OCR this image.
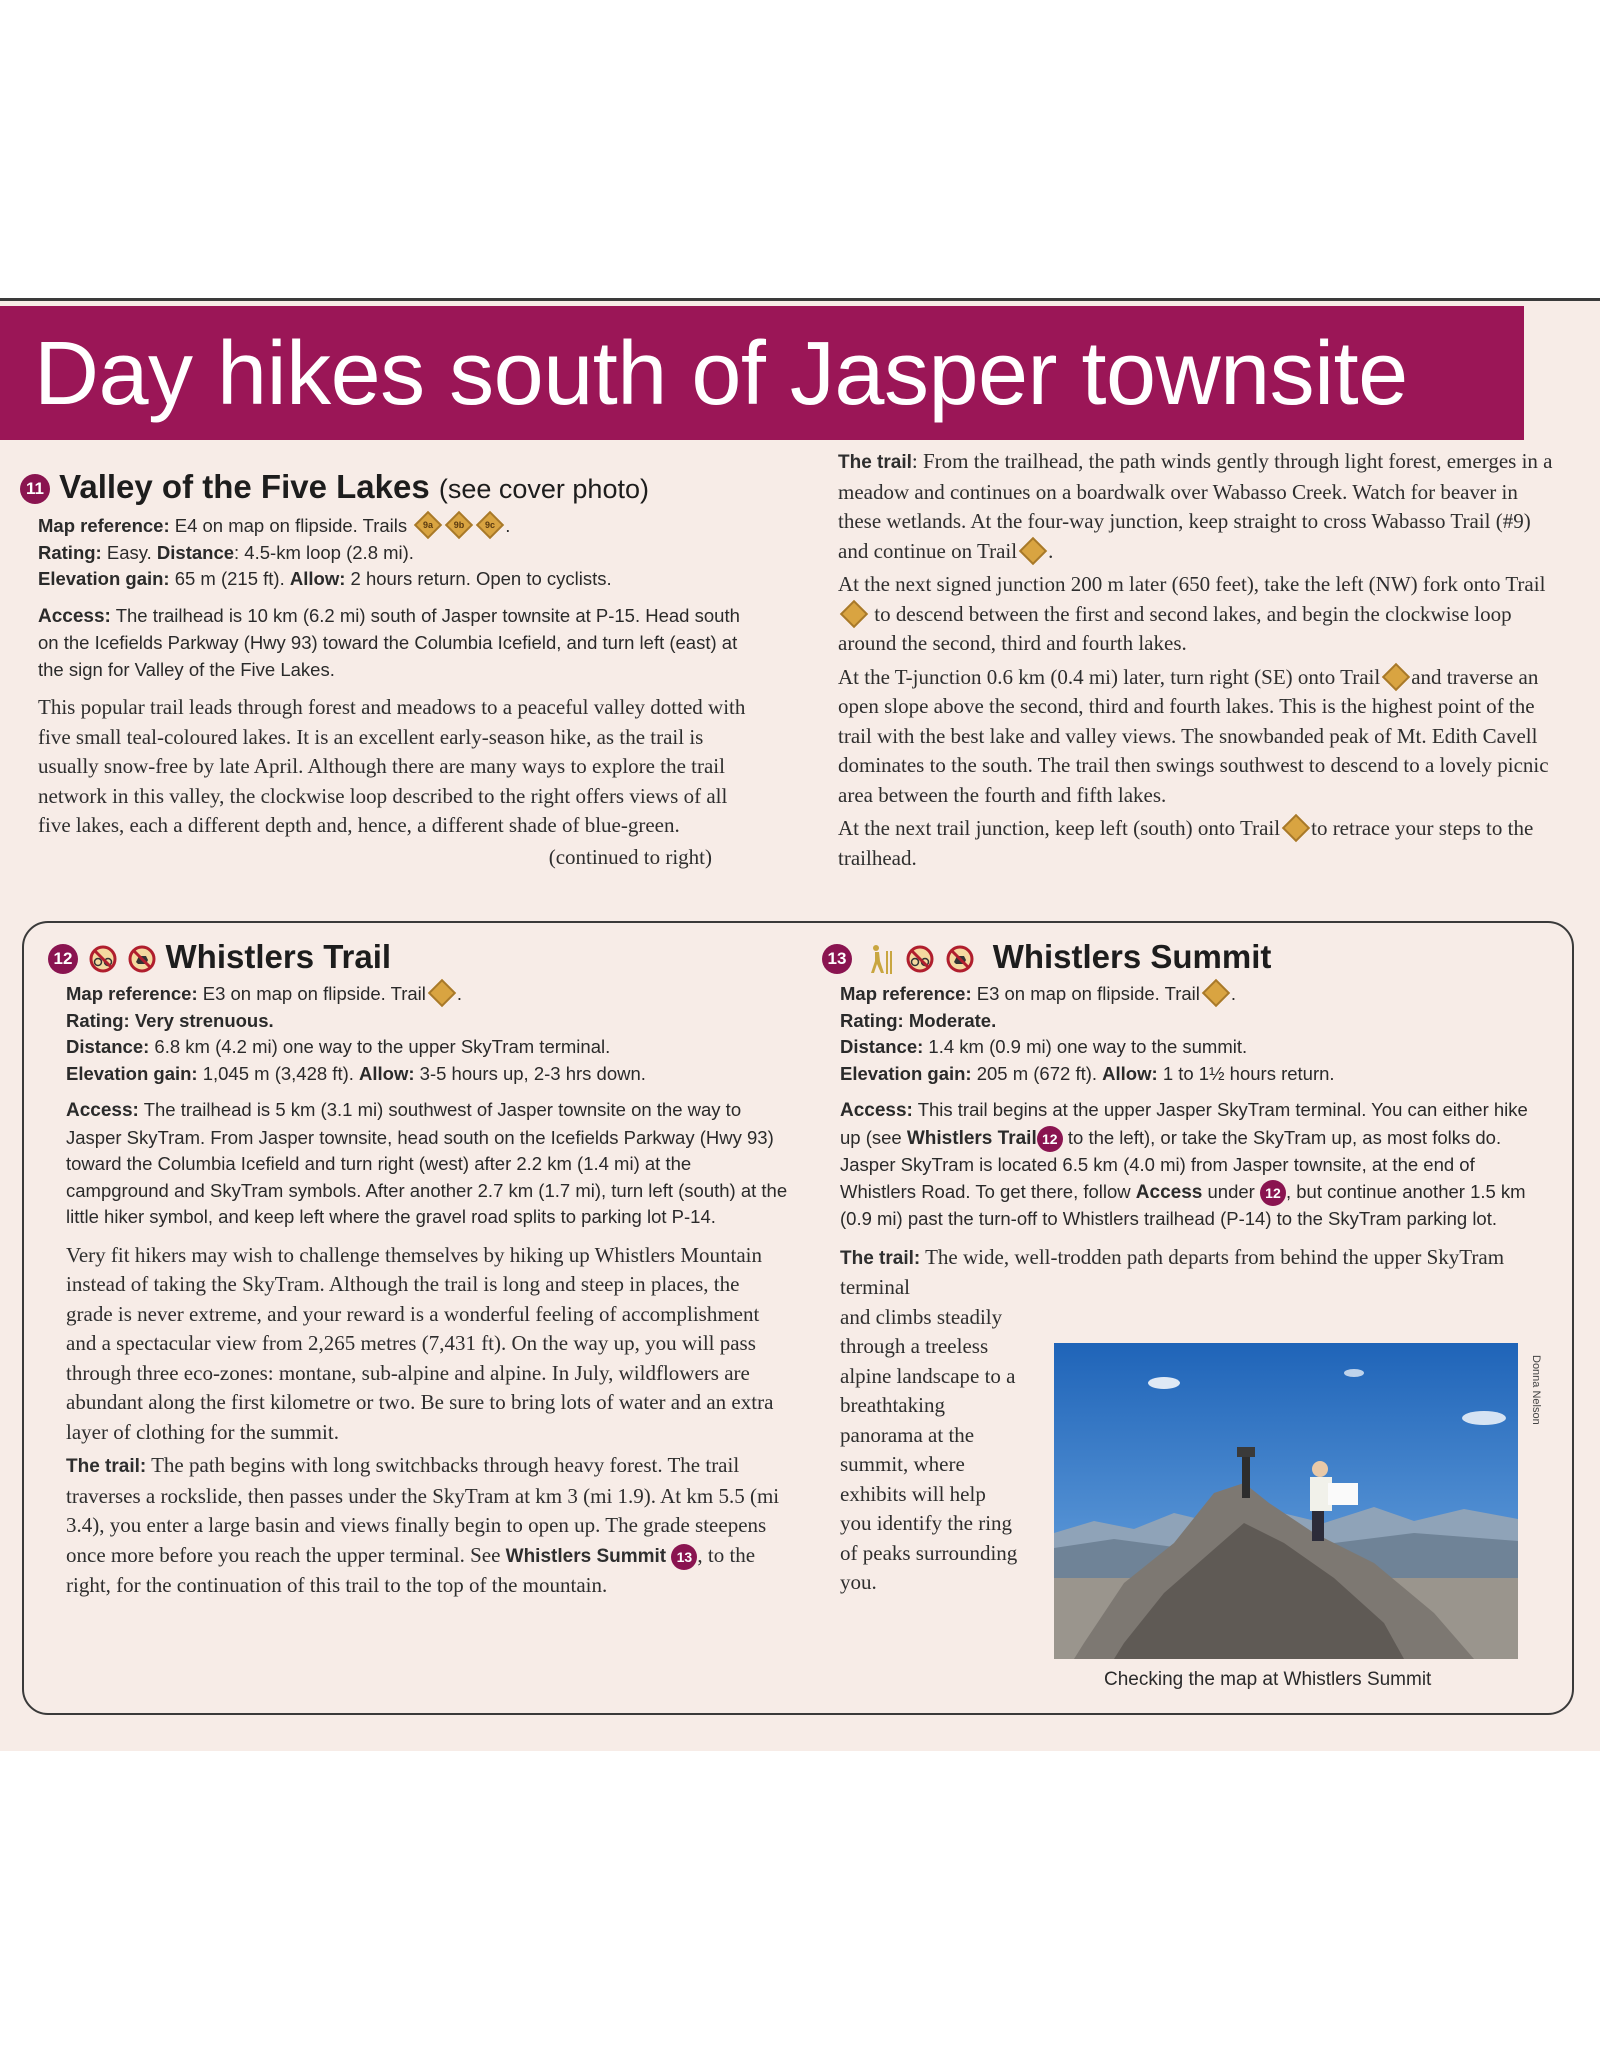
Day hikes south of Jasper townsite
11 Valley of the Five Lakes (see cover photo)
Map reference: E4 on map on flipside. Trails	9a	9b	9c .
Rating: Easy. Distance: 4.5-km loop (2.8 mi).
Elevation gain: 65 m (215 ft). Allow: 2 hours return. Open to cyclists.

Access: The trailhead is 10 km (6.2 mi) south of Jasper townsite at P-15. Head south on the Icefields Parkway (Hwy 93) toward the Columbia Icefield, and turn left (east) at the sign for Valley of the Five Lakes.

This popular trail leads through forest and meadows to a peaceful valley dotted with five small teal-coloured lakes. It is an excellent early-season hike, as the trail is usually snow-free by late April. Although there are many ways to explore the trail network in this valley, the clockwise loop described to the right offers views of all five lakes, each a different depth and, hence, a different shade of blue-green.

(continued to right)

The trail: From the trailhead, the path winds gently through light forest, emerges in a meadow and continues on a boardwalk over Wabasso Creek. Watch for beaver in these wetlands. At the four-way junction, keep straight to cross Wabasso Trail (#9) and continue on Trail .

At the next signed junction 200 m later (650 feet), take the left (NW) fork onto Trail to descend between the first and second lakes, and begin the clockwise loop around the second, third and fourth lakes.

At the T-junction 0.6 km (0.4 mi) later, turn right (SE) onto Trail and traverse an open slope above the second, third and fourth lakes. This is the highest point of the trail with the best lake and valley views. The snowbanded peak of Mt. Edith Cavell dominates to the south. The trail then swings southwest to descend to a lovely picnic area between the fourth and fifth lakes.

At the next trail junction, keep left (south) onto Trail to retrace your steps to the trailhead.

12	Whistlers Trail
Map reference: E3 on map on flipside. Trail .
Rating: Very strenuous.
Distance: 6.8 km (4.2 mi) one way to the upper SkyTram terminal.
Elevation gain: 1,045 m (3,428 ft). Allow: 3-5 hours up, 2-3 hrs down.

Access: The trailhead is 5 km (3.1 mi) southwest of Jasper townsite on the way to Jasper SkyTram. From Jasper townsite, head south on the Icefields Parkway (Hwy 93) toward the Columbia Icefield and turn right (west) after 2.2 km (1.4 mi) at the campground and SkyTram symbols. After another 2.7 km (1.7 mi), turn left (south) at the little hiker symbol, and keep left where the gravel road splits to parking lot P-14.

Very fit hikers may wish to challenge themselves by hiking up Whistlers Mountain instead of taking the SkyTram. Although the trail is long and steep in places, the grade is never extreme, and your reward is a wonderful feeling of accomplishment and a spectacular view from 2,265 metres (7,431 ft). On the way up, you will pass through three eco-zones: montane, sub-alpine and alpine. In July, wildflowers are abundant along the first kilometre or two. Be sure to bring lots of water and an extra layer of clothing for the summit.

The trail: The path begins with long switchbacks through heavy forest. The trail traverses a rockslide, then passes under the SkyTram at km 3 (mi 1.9). At km 5.5 (mi 3.4), you enter a large basin and views finally begin to open up. The grade steepens once more before you reach the upper terminal. See Whistlers Summit 13 , to the right, for the continuation of this trail to the top of the mountain.

13	Whistlers Summit
Map reference: E3 on map on flipside. Trail .
Rating: Moderate.
Distance: 1.4 km (0.9 mi) one way to the summit.
Elevation gain: 205 m (672 ft). Allow: 1 to 1½ hours return.

Access: This trail begins at the upper Jasper SkyTram terminal. You can either hike up (see Whistlers Trail 12 to the left), or take the SkyTram up, as most folks do. Jasper SkyTram is located 6.5 km (4.0 mi) from Jasper townsite, at the end of Whistlers Road. To get there, follow Access under 12 , but continue another 1.5 km (0.9 mi) past the turn-off to Whistlers trailhead (P-14) to the SkyTram parking lot.

The trail: The wide, well-trodden path departs from behind the upper SkyTram terminal

and climbs steadily through a treeless alpine landscape to a breathtaking panorama at the summit, where exhibits will help you identify the ring of peaks surrounding you.

Donna Nelson
Checking the map at Whistlers Summit
